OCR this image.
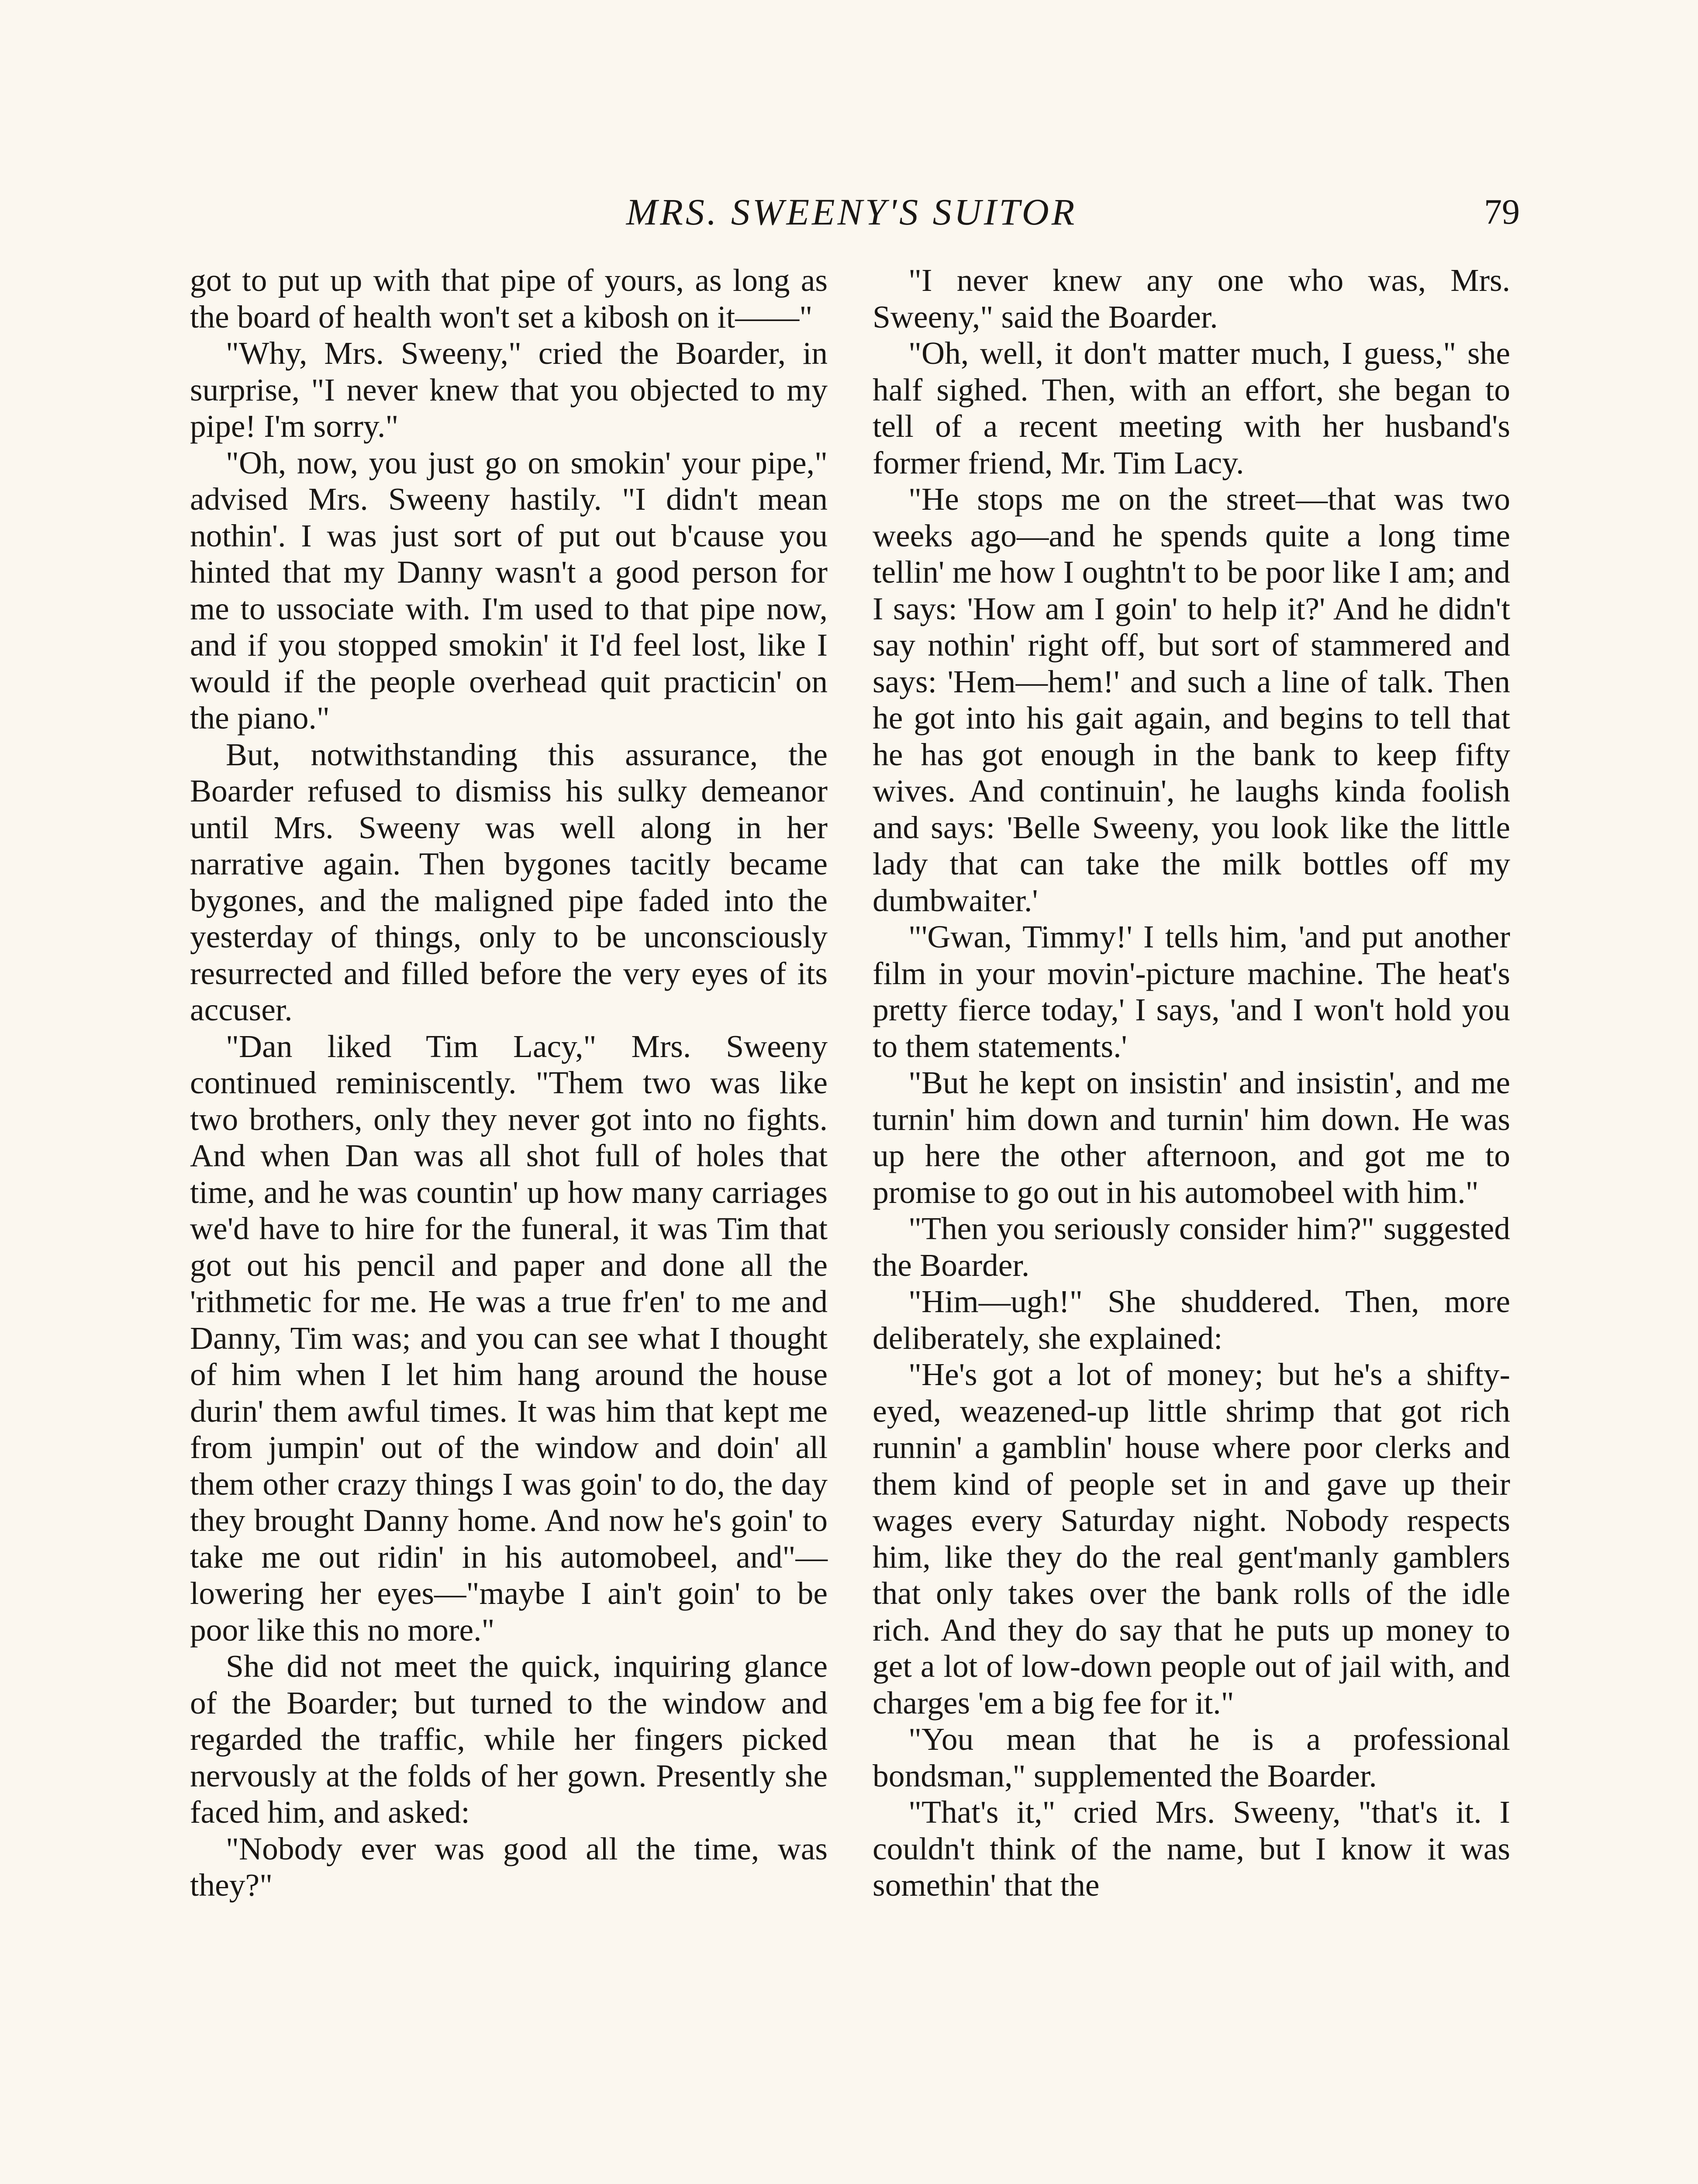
MRS. SWEENY'S SUITOR	79

got to put up with that pipe of yours, as long as the board of health won't set a kibosh on it——"

"Why, Mrs. Sweeny," cried the Boarder, in surprise, "I never knew that you objected to my pipe! I'm sorry."

"Oh, now, you just go on smokin' your pipe," advised Mrs. Sweeny hastily. "I didn't mean nothin'. I was just sort of put out b'cause you hinted that my Danny wasn't a good person for me to ussociate with. I'm used to that pipe now, and if you stopped smokin' it I'd feel lost, like I would if the people overhead quit practicin' on the piano."

But, notwithstanding this assurance, the Boarder refused to dismiss his sulky demeanor until Mrs. Sweeny was well along in her narrative again. Then bygones tacitly became bygones, and the maligned pipe faded into the yesterday of things, only to be unconsciously resurrected and filled before the very eyes of its accuser.

"Dan liked Tim Lacy," Mrs. Sweeny continued reminiscently. "Them two was like two brothers, only they never got into no fights. And when Dan was all shot full of holes that time, and he was countin' up how many carriages we'd have to hire for the funeral, it was Tim that got out his pencil and paper and done all the 'rithmetic for me. He was a true fr'en' to me and Danny, Tim was; and you can see what I thought of him when I let him hang around the house durin' them awful times. It was him that kept me from jumpin' out of the window and doin' all them other crazy things I was goin' to do, the day they brought Danny home. And now he's goin' to take me out ridin' in his automobeel, and"—lowering her eyes—"maybe I ain't goin' to be poor like this no more."

She did not meet the quick, inquiring glance of the Boarder; but turned to the window and regarded the traffic, while her fingers picked nervously at the folds of her gown. Presently she faced him, and asked:

"Nobody ever was good all the time, was they?"

"I never knew any one who was, Mrs. Sweeny," said the Boarder.

"Oh, well, it don't matter much, I guess," she half sighed. Then, with an effort, she began to tell of a recent meeting with her husband's former friend, Mr. Tim Lacy.

"He stops me on the street—that was two weeks ago—and he spends quite a long time tellin' me how I oughtn't to be poor like I am; and I says: 'How am I goin' to help it?' And he didn't say nothin' right off, but sort of stammered and says: 'Hem—hem!' and such a line of talk. Then he got into his gait again, and begins to tell that he has got enough in the bank to keep fifty wives. And continuin', he laughs kinda foolish and says: 'Belle Sweeny, you look like the little lady that can take the milk bottles off my dumbwaiter.'

"'Gwan, Timmy!' I tells him, 'and put another film in your movin'-picture machine. The heat's pretty fierce today,' I says, 'and I won't hold you to them statements.'

"But he kept on insistin' and insistin', and me turnin' him down and turnin' him down. He was up here the other afternoon, and got me to promise to go out in his automobeel with him."

"Then you seriously consider him?" suggested the Boarder.

"Him—ugh!" She shuddered. Then, more deliberately, she explained:

"He's got a lot of money; but he's a shifty-eyed, weazened-up little shrimp that got rich runnin' a gamblin' house where poor clerks and them kind of people set in and gave up their wages every Saturday night. Nobody respects him, like they do the real gent'manly gamblers that only takes over the bank rolls of the idle rich. And they do say that he puts up money to get a lot of low-down people out of jail with, and charges 'em a big fee for it."

"You mean that he is a professional bondsman," supplemented the Boarder.

"That's it," cried Mrs. Sweeny, "that's it. I couldn't think of the name, but I know it was somethin' that the
